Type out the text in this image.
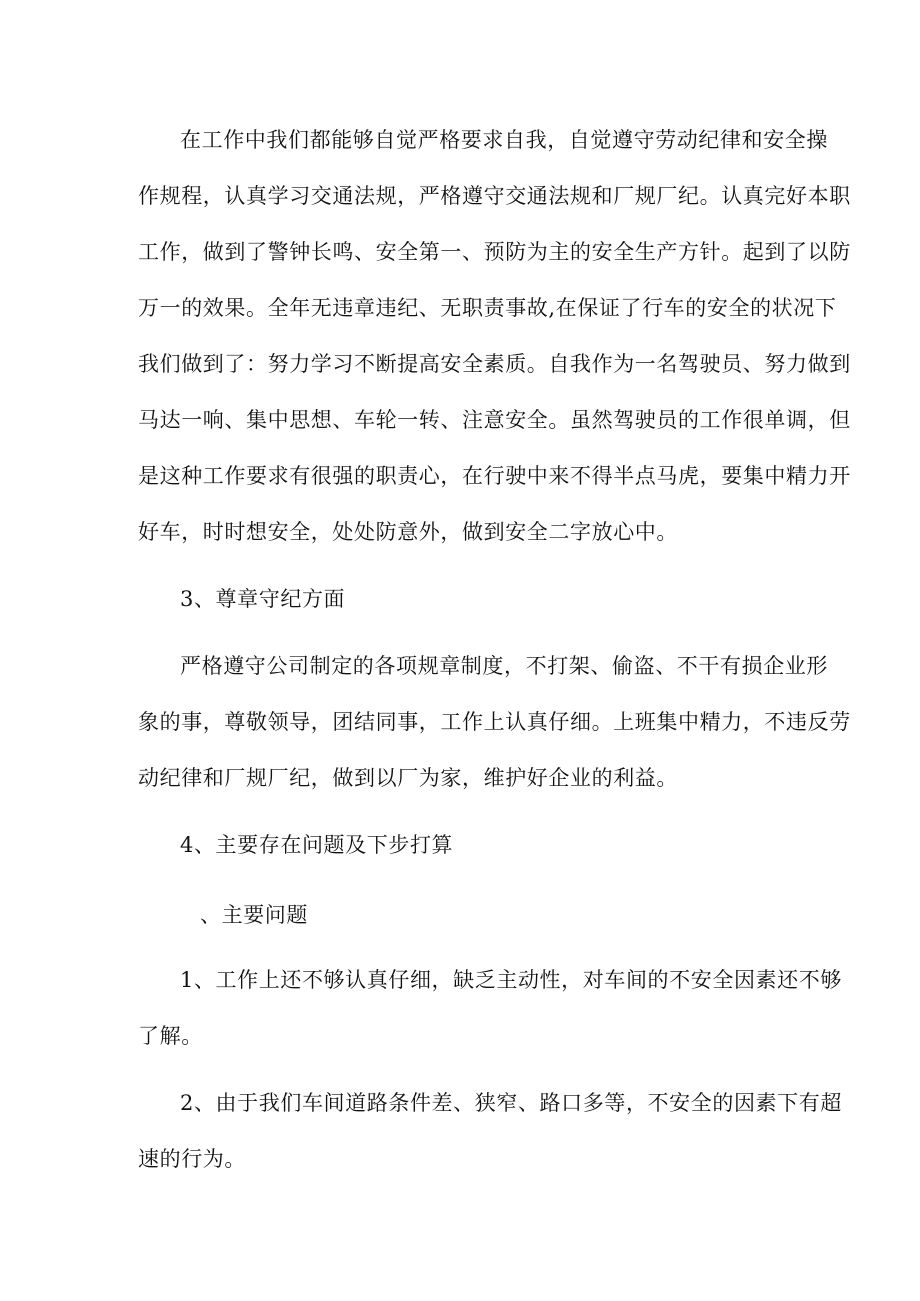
在工作中我们都能够自觉严格要求自我，自觉遵守劳动纪律和安全操
作规程，认真学习交通法规，严格遵守交通法规和厂规厂纪。认真完好本职
工作，做到了警钟长鸣、安全第一、预防为主的安全生产方针。起到了以防
万一的效果。全年无违章违纪、无职责事故,在保证了行车的安全的状况下
我们做到了：努力学习不断提高安全素质。自我作为一名驾驶员、努力做到
马达一响、集中思想、车轮一转、注意安全。虽然驾驶员的工作很单调，但
是这种工作要求有很强的职责心，在行驶中来不得半点马虎，要集中精力开
好车，时时想安全，处处防意外，做到安全二字放心中。
3、尊章守纪方面
严格遵守公司制定的各项规章制度，不打架、偷盗、不干有损企业形
象的事，尊敬领导，团结同事，工作上认真仔细。上班集中精力，不违反劳
动纪律和厂规厂纪，做到以厂为家，维护好企业的利益。
4、主要存在问题及下步打算
、主要问题
1、工作上还不够认真仔细，缺乏主动性，对车间的不安全因素还不够
了解。
2、由于我们车间道路条件差、狭窄、路口多等，不安全的因素下有超
速的行为。
